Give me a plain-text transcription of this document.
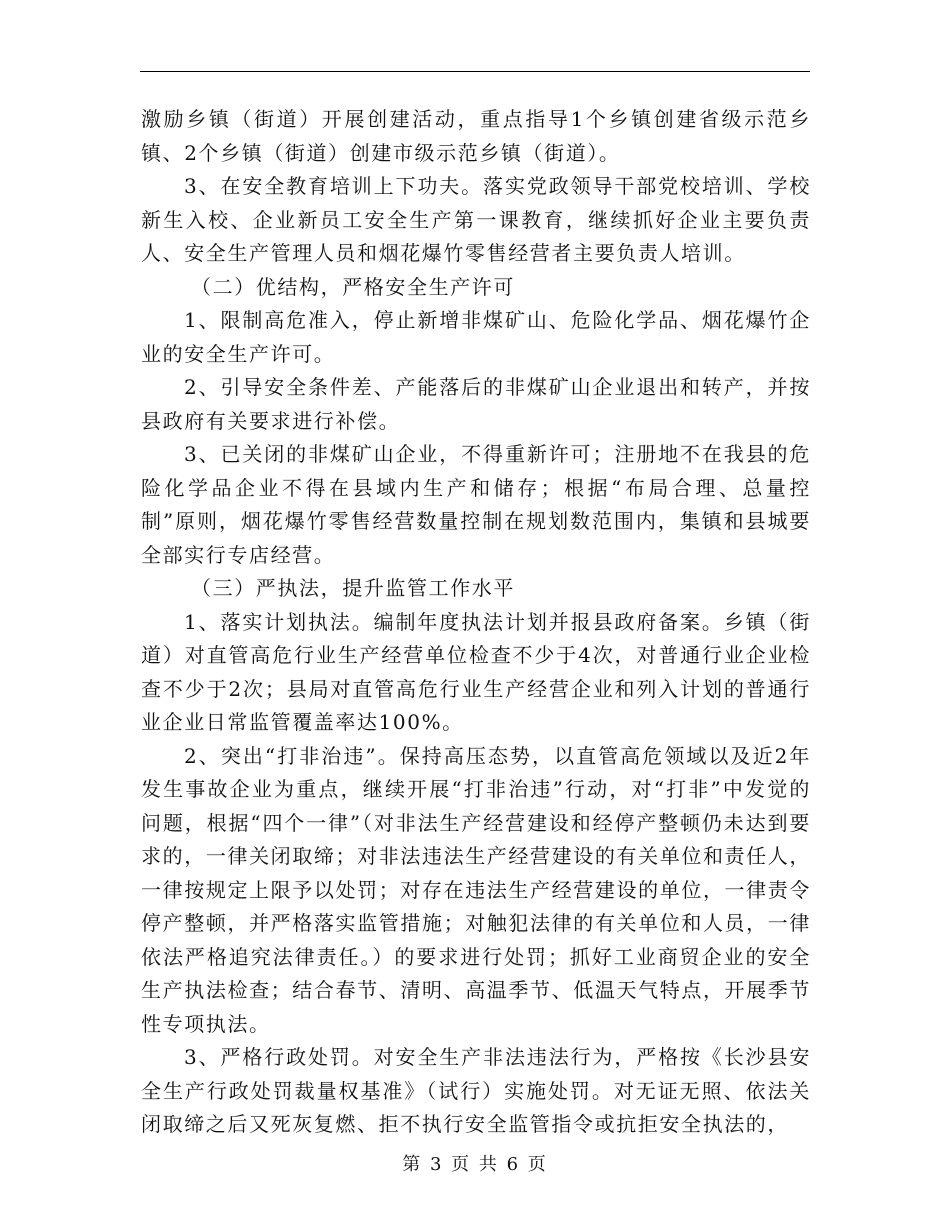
激励乡镇（街道）开展创建活动，重点指导1个乡镇创建省级示范乡镇、2个乡镇（街道）创建市级示范乡镇（街道）。

3、在安全教育培训上下功夫。落实党政领导干部党校培训、学校新生入校、企业新员工安全生产第一课教育，继续抓好企业主要负责人、安全生产管理人员和烟花爆竹零售经营者主要负责人培训。

（二）优结构，严格安全生产许可

1、限制高危准入，停止新增非煤矿山、危险化学品、烟花爆竹企业的安全生产许可。

2、引导安全条件差、产能落后的非煤矿山企业退出和转产，并按县政府有关要求进行补偿。

3、已关闭的非煤矿山企业，不得重新许可；注册地不在我县的危险化学品企业不得在县域内生产和储存；根据“布局合理、总量控制”原则，烟花爆竹零售经营数量控制在规划数范围内，集镇和县城要全部实行专店经营。

（三）严执法，提升监管工作水平

1、落实计划执法。编制年度执法计划并报县政府备案。乡镇（街道）对直管高危行业生产经营单位检查不少于4次，对普通行业企业检查不少于2次；县局对直管高危行业生产经营企业和列入计划的普通行业企业日常监管覆盖率达100%。

2、突出“打非治违”。保持高压态势，以直管高危领域以及近2年发生事故企业为重点，继续开展“打非治违”行动，对“打非”中发觉的问题，根据“四个一律”（对非法生产经营建设和经停产整顿仍未达到要求的，一律关闭取缔；对非法违法生产经营建设的有关单位和责任人，一律按规定上限予以处罚；对存在违法生产经营建设的单位，一律责令停产整顿，并严格落实监管措施；对触犯法律的有关单位和人员，一律依法严格追究法律责任。）的要求进行处罚；抓好工业商贸企业的安全生产执法检查；结合春节、清明、高温季节、低温天气特点，开展季节性专项执法。

3、严格行政处罚。对安全生产非法违法行为，严格按《长沙县安全生产行政处罚裁量权基准》（试行）实施处罚。对无证无照、依法关闭取缔之后又死灰复燃、拒不执行安全监管指令或抗拒安全执法的，

第 3 页 共 6 页
